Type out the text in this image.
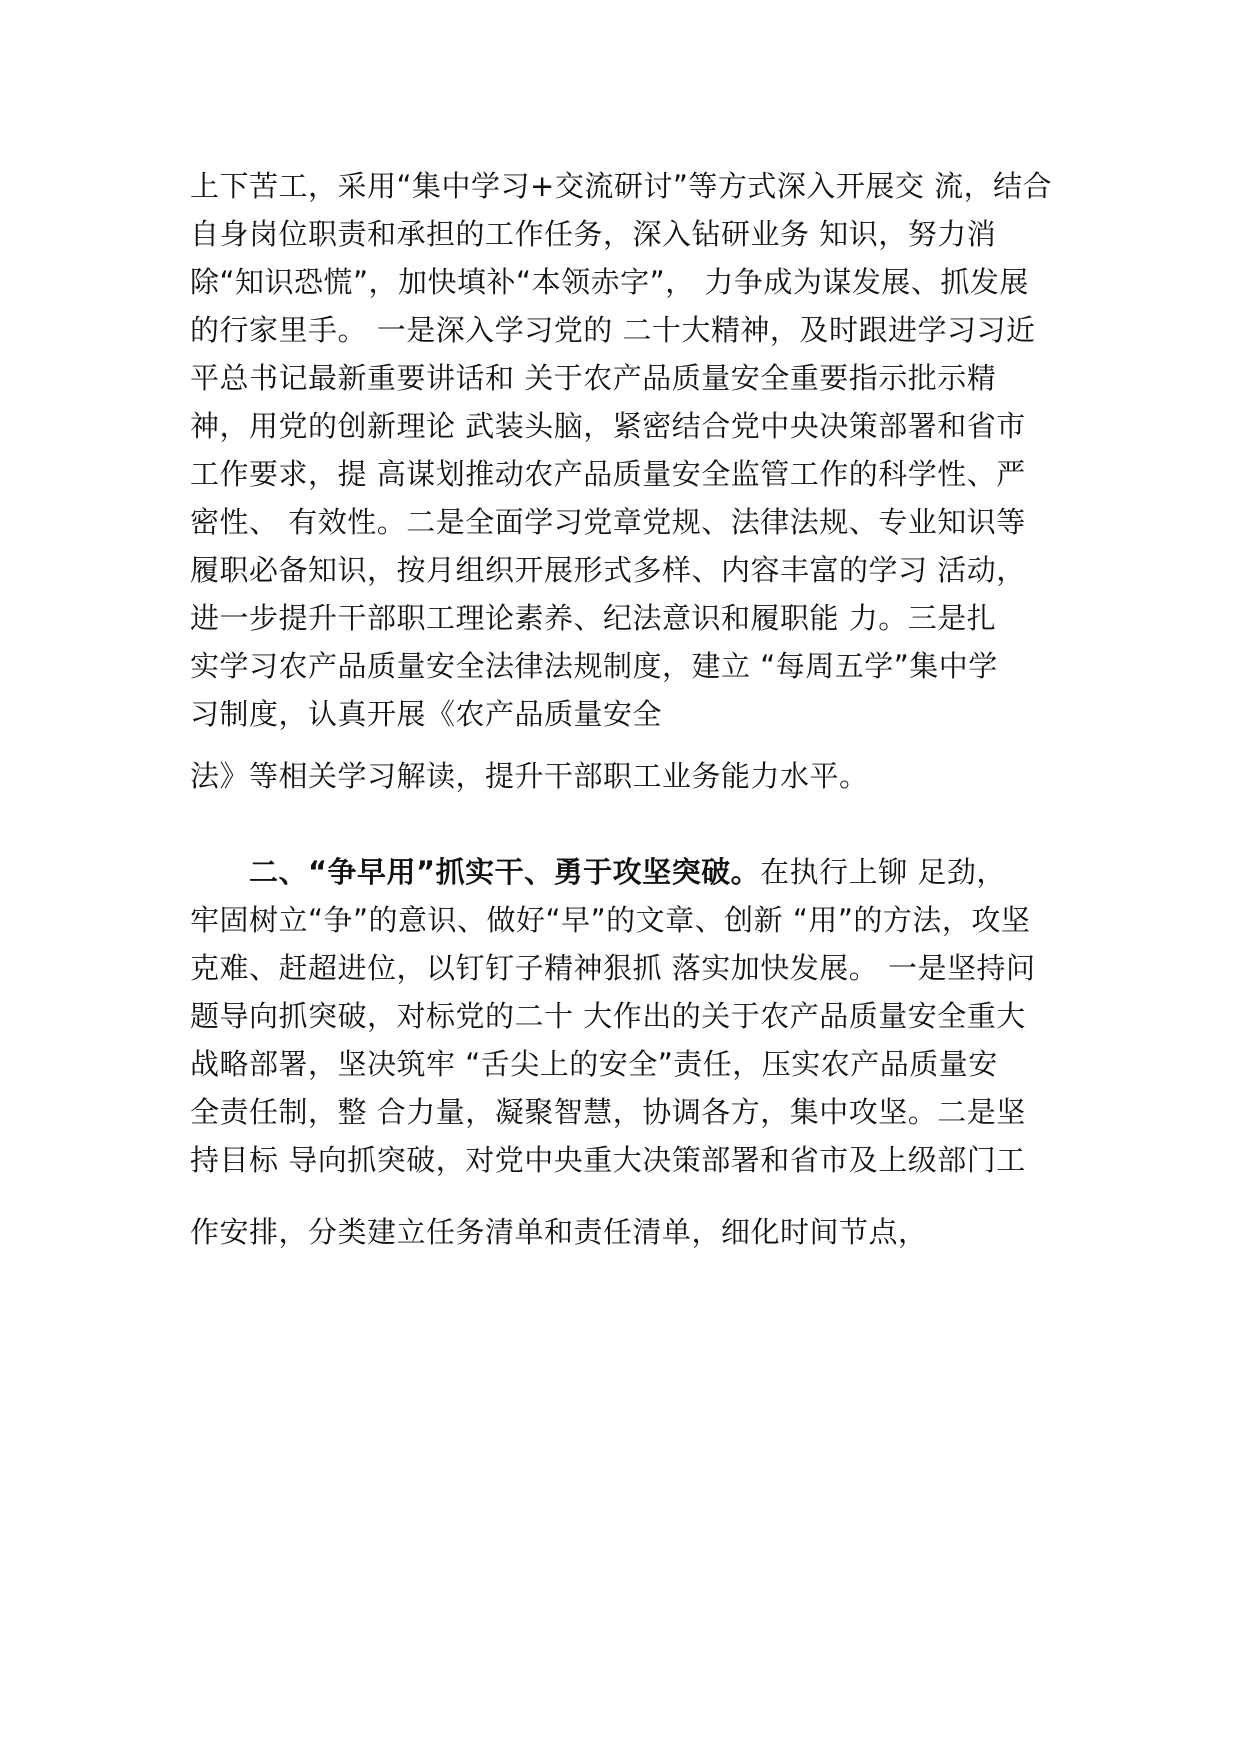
上下苦工，采用“集中学习+交流研讨”等方式深入开展交 流，结合
自身岗位职责和承担的工作任务，深入钻研业务 知识，努力消
除“知识恐慌”，加快填补“本领赤字”， 力争成为谋发展、抓发展
的行家里手。 一是深入学习党的 二十大精神，及时跟进学习习近
平总书记最新重要讲话和 关于农产品质量安全重要指示批示精
神，用党的创新理论 武装头脑，紧密结合党中央决策部署和省市
工作要求，提 高谋划推动农产品质量安全监管工作的科学性、严
密性、 有效性。二是全面学习党章党规、法律法规、专业知识等
履职必备知识，按月组织开展形式多样、内容丰富的学习 活动，
进一步提升干部职工理论素养、纪法意识和履职能 力。三是扎
实学习农产品质量安全法律法规制度，建立 “每周五学”集中学
习制度，认真开展《农产品质量安全
法》等相关学习解读，提升干部职工业务能力水平。
  二、“争早用”抓实干、勇于攻坚突破。在执行上铆 足劲，
牢固树立“争”的意识、做好“早”的文章、创新 “用”的方法，攻坚
克难、赶超进位，以钉钉子精神狠抓 落实加快发展。 一是坚持问
题导向抓突破，对标党的二十 大作出的关于农产品质量安全重大
战略部署，坚决筑牢 “舌尖上的安全”责任，压实农产品质量安
全责任制，整 合力量，凝聚智慧，协调各方，集中攻坚。二是坚
持目标 导向抓突破，对党中央重大决策部署和省市及上级部门工
作安排，分类建立任务清单和责任清单，细化时间节点，
